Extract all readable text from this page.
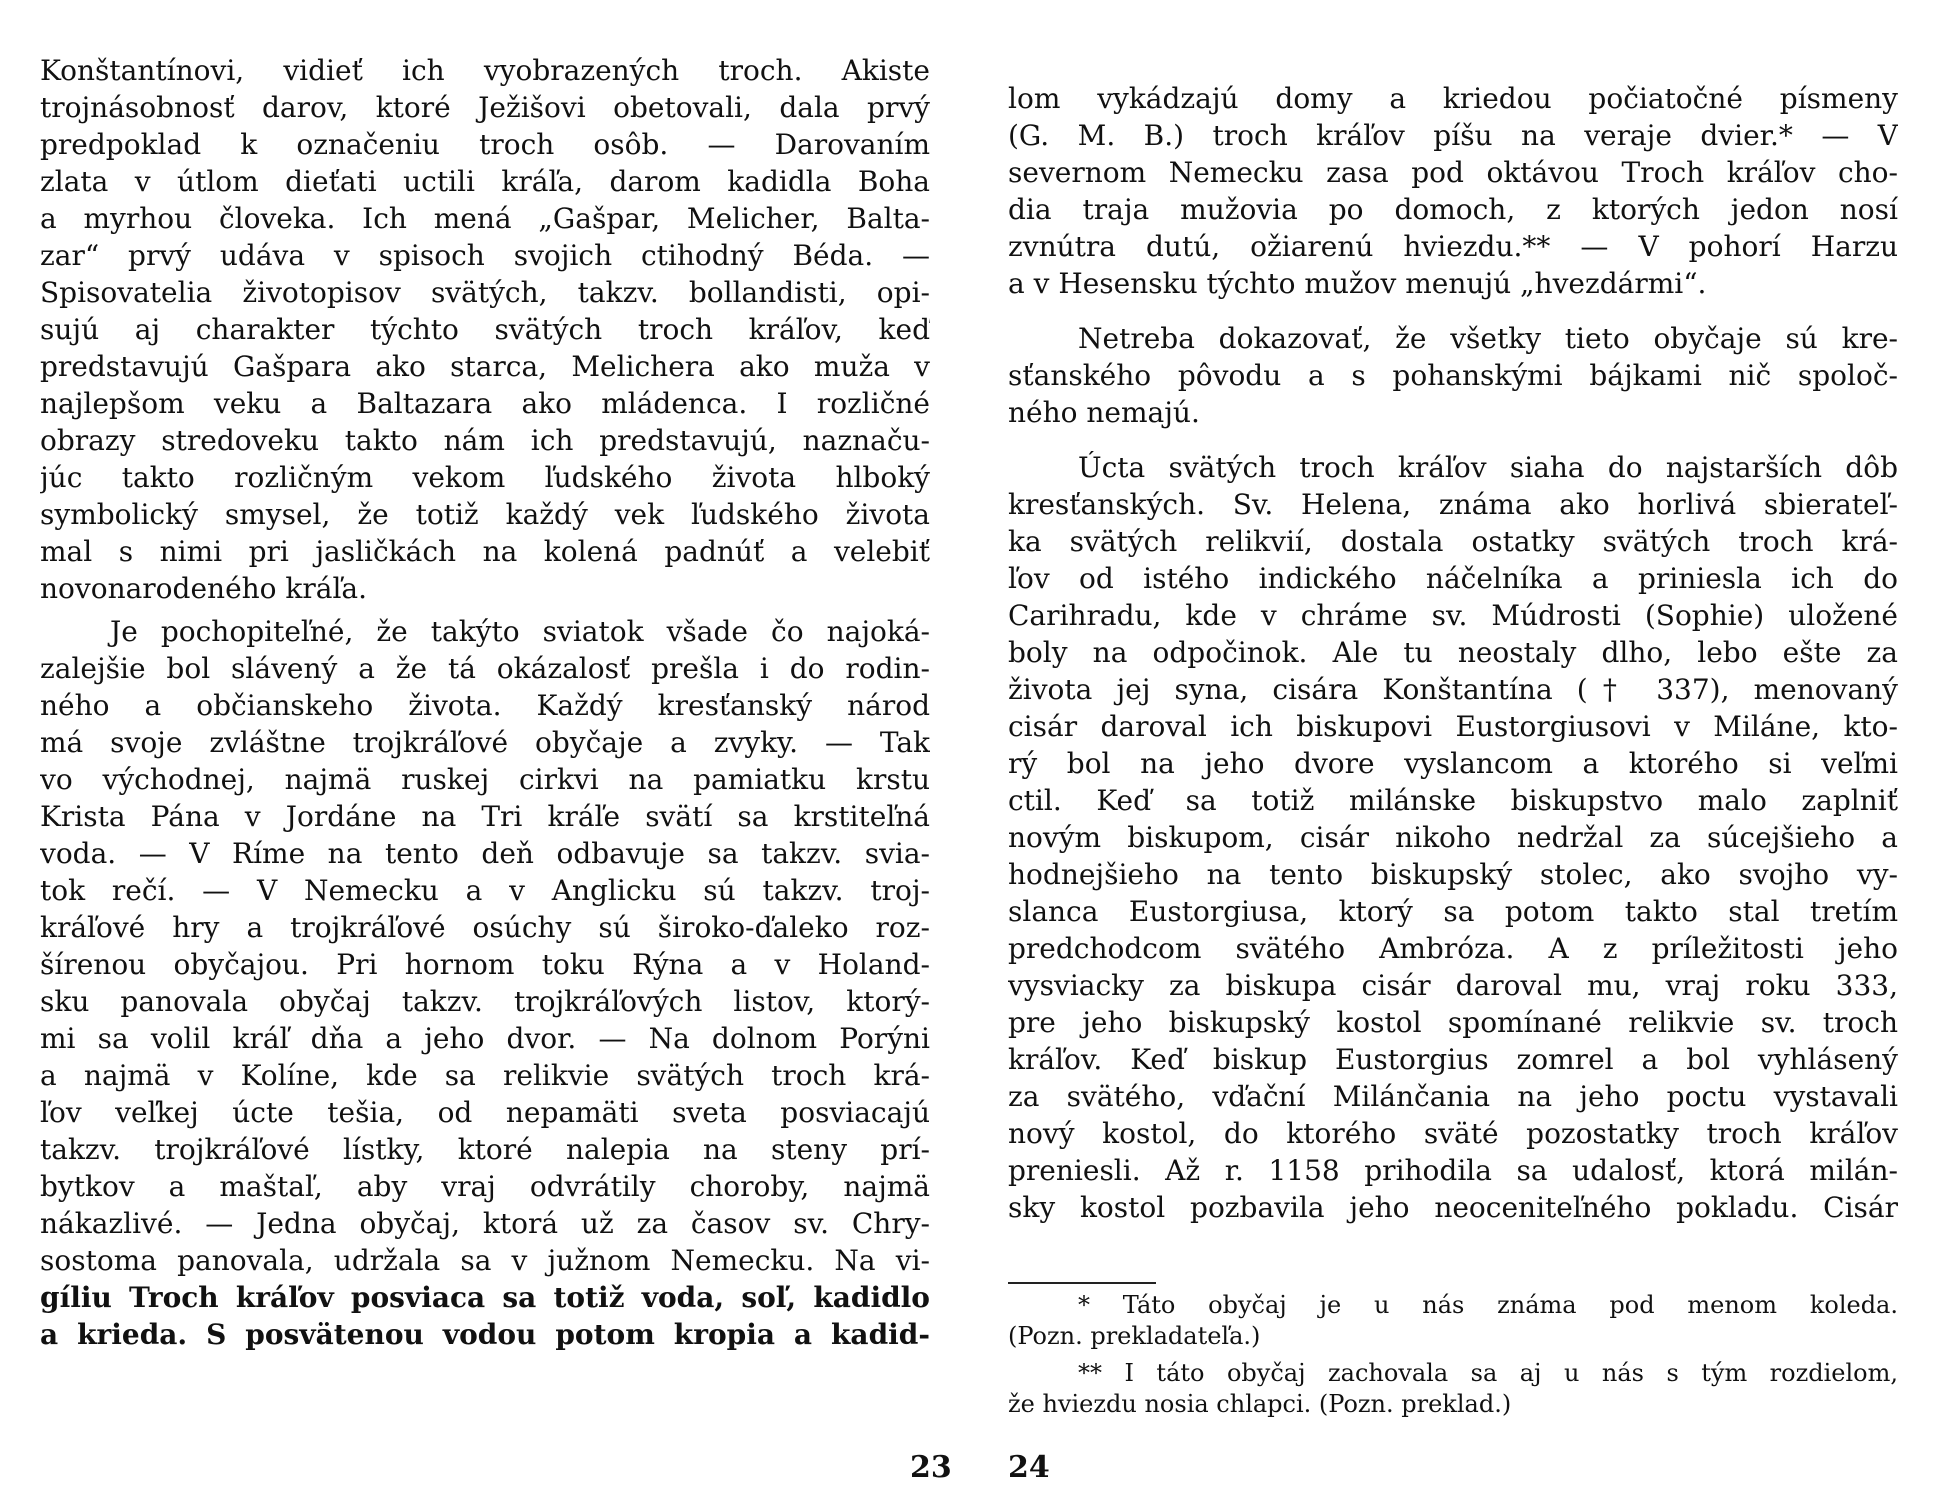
Konštantínovi, vidieť ich vyobrazených troch. Akiste
trojnásobnosť darov, ktoré Ježišovi obetovali, dala prvý
predpoklad k označeniu troch osôb. — Darovaním
zlata v útlom dieťati uctili kráľa, darom kadidla Boha
a myrhou človeka. Ich mená „Gašpar, Melicher, Balta-
zar“ prvý udáva v spisoch svojich ctihodný Béda. —
Spisovatelia životopisov svätých, takzv. bollandisti, opi-
sujú aj charakter týchto svätých troch kráľov, keď
predstavujú Gašpara ako starca, Melichera ako muža v
najlepšom veku a Baltazara ako mládenca. I rozličné
obrazy stredoveku takto nám ich predstavujú, naznaču-
júc takto rozličným vekom ľudského života hlboký
symbolický smysel, že totiž každý vek ľudského života
mal s nimi pri jasličkách na kolená padnúť a velebiť
novonarodeného kráľa.
Je pochopiteľné, že takýto sviatok všade čo najoká-
zalejšie bol slávený a že tá okázalosť prešla i do rodin-
ného a občianskeho života. Každý kresťanský národ
má svoje zvláštne trojkráľové obyčaje a zvyky. — Tak
vo východnej, najmä ruskej cirkvi na pamiatku krstu
Krista Pána v Jordáne na Tri kráľe svätí sa krstiteľná
voda. — V Ríme na tento deň odbavuje sa takzv. svia-
tok rečí. — V Nemecku a v Anglicku sú takzv. troj-
kráľové hry a trojkráľové osúchy sú široko-ďaleko roz-
šírenou obyčajou. Pri hornom toku Rýna a v Holand-
sku panovala obyčaj takzv. trojkráľových listov, ktorý-
mi sa volil kráľ dňa a jeho dvor. — Na dolnom Porýni
a najmä v Kolíne, kde sa relikvie svätých troch krá-
ľov veľkej úcte tešia, od nepamäti sveta posviacajú
takzv. trojkráľové lístky, ktoré nalepia na steny prí-
bytkov a maštaľ, aby vraj odvrátily choroby, najmä
nákazlivé. — Jedna obyčaj, ktorá už za časov sv. Chry-
sostoma panovala, udržala sa v južnom Nemecku. Na vi-
gíliu Troch kráľov posviaca sa totiž voda, soľ, kadidlo
a krieda. S posvätenou vodou potom kropia a kadid-
23
lom vykádzajú domy a kriedou počiatočné písmeny
(G. M. B.) troch kráľov píšu na veraje dvier.* — V
severnom Nemecku zasa pod oktávou Troch kráľov cho-
dia traja mužovia po domoch, z ktorých jedon nosí
zvnútra dutú, ožiarenú hviezdu.** — V pohorí Harzu
a v Hesensku týchto mužov menujú „hvezdármi“.
Netreba dokazovať, že všetky tieto obyčaje sú kre-
sťanského pôvodu a s pohanskými bájkami nič spoloč-
ného nemajú.
Úcta svätých troch kráľov siaha do najstarších dôb
kresťanských. Sv. Helena, známa ako horlivá sbierateľ-
ka svätých relikvií, dostala ostatky svätých troch krá-
ľov od istého indického náčelníka a priniesla ich do
Carihradu, kde v chráme sv. Múdrosti (Sophie) uložené
boly na odpočinok. Ale tu neostaly dlho, lebo ešte za
života jej syna, cisára Konštantína († 337), menovaný
cisár daroval ich biskupovi Eustorgiusovi v Miláne, kto-
rý bol na jeho dvore vyslancom a ktorého si veľmi
ctil. Keď sa totiž milánske biskupstvo malo zaplniť
novým biskupom, cisár nikoho nedržal za súcejšieho a
hodnejšieho na tento biskupský stolec, ako svojho vy-
slanca Eustorgiusa, ktorý sa potom takto stal tretím
predchodcom svätého Ambróza. A z príležitosti jeho
vysviacky za biskupa cisár daroval mu, vraj roku 333,
pre jeho biskupský kostol spomínané relikvie sv. troch
kráľov. Keď biskup Eustorgius zomrel a bol vyhlásený
za svätého, vďační Milánčania na jeho poctu vystavali
nový kostol, do ktorého sväté pozostatky troch kráľov
preniesli. Až r. 1158 prihodila sa udalosť, ktorá milán-
sky kostol pozbavila jeho neoceniteľného pokladu. Cisár
* Táto obyčaj je u nás známa pod menom koleda.
(Pozn. prekladateľa.)
** I táto obyčaj zachovala sa aj u nás s tým rozdielom,
že hviezdu nosia chlapci. (Pozn. preklad.)
24
